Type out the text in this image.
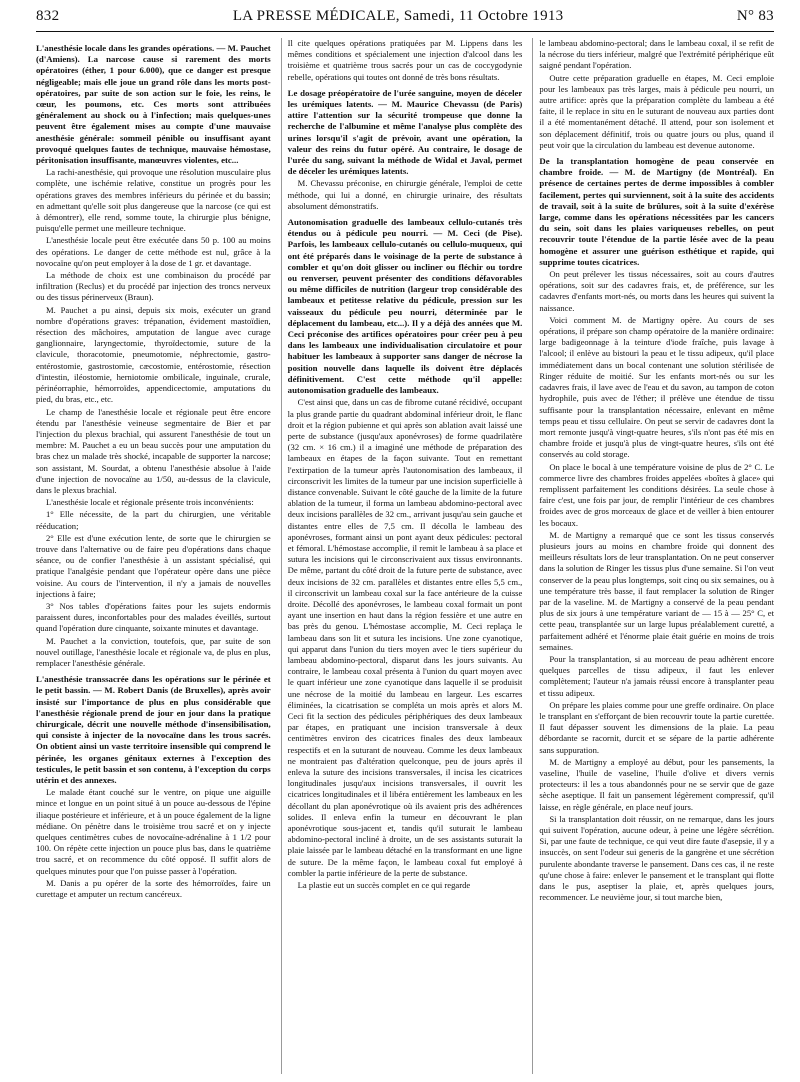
832	LA PRESSE MÉDICALE, Samedi, 11 Octobre 1913	N° 83
L'anesthésie locale dans les grandes opérations. — M. Pauchet (d'Amiens). La narcose cause si rarement des morts opératoires (éther, 1 pour 6.000), que ce danger est presque négligeable; mais elle joue un grand rôle dans les morts post-opératoires, par suite de son action sur le foie, les reins, le cœur, les poumons, etc. Ces morts sont attribuées généralement au shock ou à l'infection; mais quelques-unes peuvent être également mises au compte d'une mauvaise anesthésie générale: sommeil pénible ou insuffisant ayant provoqué quelques fautes de technique, mauvaise hémostase, péritonisation insuffisante, manœuvres violentes, etc...

La rachi-anesthésie, qui provoque une résolution musculaire plus complète, une ischémie relative, constitue un progrès pour les opérations graves des membres inférieurs du périnée et du bassin; en admettant qu'elle soit plus dangereuse que la narcose (ce qui est à démontrer), elle rend, somme toute, la chirurgie plus bénigne, puisqu'elle permet une meilleure technique.

L'anesthésie locale peut être exécutée dans 50 p. 100 au moins des opérations. Le danger de cette méthode est nul, grâce à la novocaïne qu'on peut employer à la dose de 1 gr. et davantage.

La méthode de choix est une combinaison du procédé par infiltration (Reclus) et du procédé par injection des troncs nerveux ou des tissus périnerveux (Braun).

M. Pauchet a pu ainsi, depuis six mois, exécuter un grand nombre d'opérations graves: trépanation, évidement mastoïdien, résection des mâchoires, amputation de langue avec curage ganglionnaire, laryngectomie, thyroïdectomie, suture de la clavicule, thoracotomie, pneumotomie, néphrectomie, gastro-entérostomie, gastrostomie, cæcostomie, entérostomie, résection d'intestin, iléostomie, herniotomie ombilicale, inguinale, crurale, périnéorraphie, hémorroïdes, appendicectomie, amputations du pied, du bras, etc., etc.

Le champ de l'anesthésie locale et régionale peut être encore étendu par l'anesthésie veineuse segmentaire de Bier et par l'injection du plexus brachial, qui assurent l'anesthésie de tout un membre: M. Pauchet a eu un beau succès pour une amputation du bras chez un malade très shocké, incapable de supporter la narcose; son assistant, M. Sourdat, a obtenu l'anesthésie absolue à l'aide d'une injection de novocaïne au 1/50, au-dessus de la clavicule, dans le plexus brachial.

L'anesthésie locale et régionale présente trois inconvénients:

1° Elle nécessite, de la part du chirurgien, une véritable rééducation;

2° Elle est d'une exécution lente, de sorte que le chirurgien se trouve dans l'alternative ou de faire peu d'opérations dans chaque séance, ou de confier l'anesthésie à un assistant spécialisé, qui pratique l'analgésie pendant que l'opérateur opère dans une pièce voisine. Au cours de l'intervention, il n'y a jamais de nouvelles injections à faire;

3° Nos tables d'opérations faites pour les sujets endormis paraissent dures, inconfortables pour des malades éveillés, surtout quand l'opération dure cinquante, soixante minutes et davantage.

M. Pauchet a la conviction, toutefois, que, par suite de son nouvel outillage, l'anesthésie locale et régionale va, de plus en plus, remplacer l'anesthésie générale.

L'anesthésie transsacrée dans les opérations sur le périnée et le petit bassin. — M. Robert Danis (de Bruxelles), après avoir insisté sur l'importance de plus en plus considérable que l'anesthésie régionale prend de jour en jour dans la pratique chirurgicale, décrit une nouvelle méthode d'insensibilisation, qui consiste à injecter de la novocaïne dans les trous sacrés. On obtient ainsi un vaste territoire insensible qui comprend le périnée, les organes génitaux externes à l'exception des testicules, le petit bassin et son contenu, à l'exception du corps utérin et des annexes.

Le malade étant couché sur le ventre, on pique une aiguille mince et longue en un point situé à un pouce au-dessous de l'épine iliaque postérieure et inférieure, et à un pouce également de la ligne médiane. On pénètre dans le troisième trou sacré et on y injecte quelques centimètres cubes de novocaïne-adrénaline à 1 1/2 pour 100. On répète cette injection un pouce plus bas, dans le quatrième trou sacré, et on recommence du côté opposé. Il suffit alors de quelques minutes pour que l'on puisse passer à l'opération.

M. Danis a pu opérer de la sorte des hémorroïdes, faire un curettage et amputer un rectum cancéreux.

Il cite quelques opérations pratiquées par M. Lippens dans les mêmes conditions et spécialement une injection d'alcool dans les troisième et quatrième trous sacrés pour un cas de coccygodynie rebelle, opérations qui toutes ont donné de très bons résultats.

Le dosage préopératoire de l'urée sanguine, moyen de déceler les urémiques latents. — M. Maurice Chevassu (de Paris) attire l'attention sur la sécurité trompeuse que donne la recherche de l'albumine et même l'analyse plus complète des urines lorsqu'il s'agit de prévoir, avant une opération, la valeur des reins du futur opéré. Au contraire, le dosage de l'urée du sang, suivant la méthode de Widal et Javal, permet de déceler les urémiques latents.

M. Chevassu préconise, en chirurgie générale, l'emploi de cette méthode, qui lui a donné, en chirurgie urinaire, des résultats absolument démonstratifs.

Autonomisation graduelle des lambeaux cellulo-cutanés très étendus ou à pédicule peu nourri. — M. Ceci (de Pise). Parfois, les lambeaux cellulo-cutanés ou cellulo-muqueux, qui ont été préparés dans le voisinage de la perte de substance à combler et qu'on doit glisser ou incliner ou fléchir ou tordre ou renverser, peuvent présenter des conditions défavorables ou même difficiles de nutrition (largeur trop considérable des lambeaux et petitesse relative du pédicule, pression sur les vaisseaux du pédicule peu nourri, déterminée par le déplacement du lambeau, etc...). Il y a déjà des années que M. Ceci préconise des artifices opératoires pour créer peu à peu dans les lambeaux une individualisation circulatoire et pour habituer les lambeaux à supporter sans danger de nécrose la position nouvelle dans laquelle ils doivent être déplacés définitivement. C'est cette méthode qu'il appelle: autonomisation graduelle des lambeaux.

C'est ainsi que, dans un cas de fibrome cutané récidivé, occupant la plus grande partie du quadrant abdominal inférieur droit, le flanc droit et la région pubienne et qui après son ablation avait laissé une perte de substance (jusqu'aux aponévroses) de forme quadrilatère (32 cm. × 16 cm.) il a imaginé une méthode de préparation des lambeaux en étapes de la façon suivante. Tout en remettant l'extirpation de la tumeur après l'autonomisation des lambeaux, il circonscrivit les limites de la tumeur par une incision superficielle à distance convenable. Suivant le côté gauche de la limite de la future ablation de la tumeur, il forma un lambeau abdomino-pectoral avec deux incisions parallèles de 32 cm., arrivant jusqu'au sein gauche et distantes entre elles de 7,5 cm. Il décolla le lambeau des aponévroses, formant ainsi un pont ayant deux pédicules: pectoral et fémoral. L'hémostase accomplie, il remit le lambeau à sa place et sutura les incisions qui le circonscrivaient aux tissus environnants. De même, partant du côté droit de la future perte de substance, avec deux incisions de 32 cm. parallèles et distantes entre elles 5,5 cm., il circonscrivit un lambeau coxal sur la face antérieure de la cuisse droite. Décollé des aponévroses, le lambeau coxal formait un pont ayant une insertion en haut dans la région fessière et une autre en bas près du genou. L'hémostase accomplie, M. Ceci replaça le lambeau dans son lit et sutura les incisions. Une zone cyanotique, qui apparut dans l'union du tiers moyen avec le tiers supérieur du lambeau abdomino-pectoral, disparut dans les jours suivants. Au contraire, le lambeau coxal présenta à l'union du quart moyen avec le quart inférieur une zone cyanotique dans laquelle il se produisit une nécrose de la moitié du lambeau en largeur. Les escarres éliminées, la cicatrisation se compléta un mois après et alors M. Ceci fit la section des pédicules périphériques des deux lambeaux par étapes, en pratiquant une incision transversale à deux centimètres environ des cicatrices finales des deux lambeaux respectifs et en la suturant de nouveau. Comme les deux lambeaux ne montraient pas d'altération quelconque, peu de jours après il enleva la suture des incisions transversales, il incisa les cicatrices longitudinales jusqu'aux incisions transversales, il ouvrit les cicatrices longitudinales et il libéra entièrement les lambeaux en les décollant du plan aponévrotique où ils avaient pris des adhérences solides. Il enleva enfin la tumeur en découvrant le plan aponévrotique sous-jacent et, tandis qu'il suturait le lambeau abdomino-pectoral incliné à droite, un de ses assistants suturait la plaie laissée par le lambeau détaché en la transformant en une ligne de suture. De la même façon, le lambeau coxal fut employé à combler la partie inférieure de la perte de substance.

La plastie eut un succès complet en ce qui regarde

le lambeau abdomino-pectoral; dans le lambeau coxal, il se refit de la nécrose du tiers inférieur, malgré que l'extrémité périphérique eût saigné pendant l'opération.

Outre cette préparation graduelle en étapes, M. Ceci emploie pour les lambeaux pas très larges, mais à pédicule peu nourri, un autre artifice: après que la préparation complète du lambeau a été faite, il le replace in situ en le suturant de nouveau aux parties dont il a été momentanément détaché. Il attend, pour son isolement et son déplacement définitif, trois ou quatre jours ou plus, quand il peut voir que la circulation du lambeau est devenue autonome.

De la transplantation homogène de peau conservée en chambre froide. — M. de Martigny (de Montréal). En présence de certaines pertes de derme impossibles à combler facilement, pertes qui surviennent, soit à la suite des accidents de travail, soit à la suite de brûlures, soit à la suite d'exérèse large, comme dans les opérations nécessitées par les cancers du sein, soit dans les plaies variqueuses rebelles, on peut recouvrir toute l'étendue de la partie lésée avec de la peau homogène et assurer une guérison esthétique et rapide, qui supprime toutes cicatrices.

On peut prélever les tissus nécessaires, soit au cours d'autres opérations, soit sur des cadavres frais, et, de préférence, sur les cadavres d'enfants mort-nés, ou morts dans les heures qui suivent la naissance.

Voici comment M. de Martigny opère. Au cours de ses opérations, il prépare son champ opératoire de la manière ordinaire: large badigeonnage à la teinture d'iode fraîche, puis lavage à l'alcool; il enlève au bistouri la peau et le tissu adipeux, qu'il place immédiatement dans un bocal contenant une solution stérilisée de Ringer réduite de moitié. Sur les enfants mort-nés ou sur les cadavres frais, il lave avec de l'eau et du savon, au tampon de coton hydrophile, puis avec de l'éther; il prélève une étendue de tissu suffisante pour la transplantation nécessaire, enlevant en même temps peau et tissu cellulaire. On peut se servir de cadavres dont la mort remonte jusqu'à vingt-quatre heures, s'ils n'ont pas été mis en chambre froide et jusqu'à plus de vingt-quatre heures, s'ils ont été conservés au cold storage.

On place le bocal à une température voisine de plus de 2° C. Le commerce livre des chambres froides appelées «boîtes à glace» qui remplissent parfaitement les conditions désirées. La seule chose à faire c'est, une fois par jour, de remplir l'intérieur de ces chambres froides avec de gros morceaux de glace et de veiller à bien entourer les bocaux.

M. de Martigny a remarqué que ce sont les tissus conservés plusieurs jours au moins en chambre froide qui donnent des meilleurs résultats lors de leur transplantation. On ne peut conserver dans la solution de Ringer les tissus plus d'une semaine. Si l'on veut conserver de la peau plus longtemps, soit cinq ou six semaines, ou à une température très basse, il faut remplacer la solution de Ringer par de la vaseline. M. de Martigny a conservé de la peau pendant plus de six jours à une température variant de — 15 à — 25° C, et cette peau, transplantée sur un large lupus préalablement curetté, a parfaitement adhéré et l'énorme plaie était guérie en moins de trois semaines.

Pour la transplantation, si au morceau de peau adhèrent encore quelques parcelles de tissu adipeux, il faut les enlever complètement; l'auteur n'a jamais réussi encore à transplanter peau et tissu adipeux.

On prépare les plaies comme pour une greffe ordinaire. On place le transplant en s'efforçant de bien recouvrir toute la partie curettée. Il faut dépasser souvent les dimensions de la plaie. La peau débordante se racornit, durcit et se sépare de la partie adhérente sans suppuration.

M. de Martigny a employé au début, pour les pansements, la vaseline, l'huile de vaseline, l'huile d'olive et divers vernis protecteurs: il les a tous abandonnés pour ne se servir que de gaze sèche aseptique. Il fait un pansement légèrement compressif, qu'il laisse, en règle générale, en place neuf jours.

Si la transplantation doit réussir, on ne remarque, dans les jours qui suivent l'opération, aucune odeur, à peine une légère sécrétion. Si, par une faute de technique, ce qui veut dire faute d'asepsie, il y a insuccès, on sent l'odeur sui generis de la gangrène et une sécrétion purulente abondante traverse le pansement. Dans ces cas, il ne reste qu'une chose à faire: enlever le pansement et le transplant qui flotte dans le pus, aseptiser la plaie, et, après quelques jours, recommencer. Le neuvième jour, si tout marche bien,
